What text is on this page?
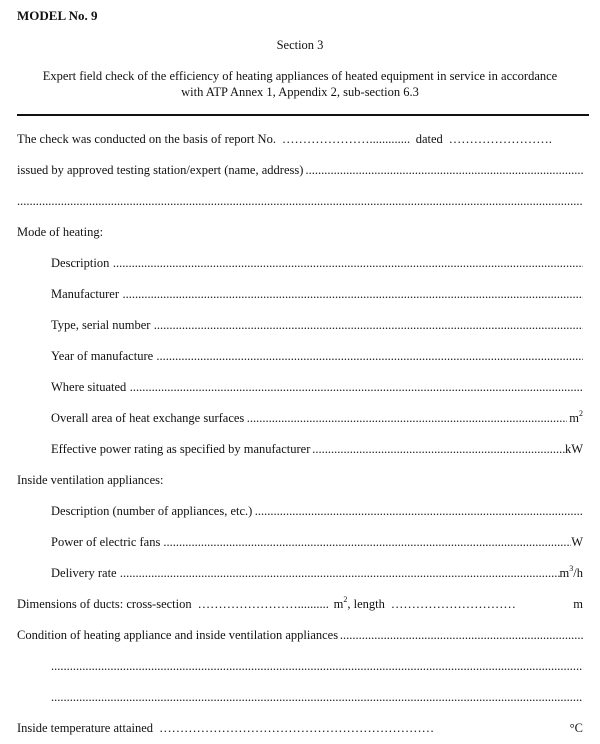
MODEL No. 9
Section 3
Expert field check of the efficiency of heating appliances of heated equipment in service in accordance
with ATP Annex 1, Appendix 2, sub-section 6.3
The check was conducted on the basis of report No. ………………….. .....	dated …………………….
issued by approved testing station/expert (name, address)
.....
.....
Mode of heating:
Description
.....
Manufacturer
.....
Type, serial number
.....
Year of manufacture
.....
Where situated
.....
Overall area of heat exchange surfaces .....	$m^2$
Effective power rating as specified by manufacturer .....	kW
Inside ventilation appliances:
Description (number of appliances, etc.)
.....
Power of electric fans .....	W
Delivery rate .....	$m^3/h$
Dimensions of ducts: cross-section …………………… .....	$m^2$ , length …………………………	m
Condition of heating appliance and inside ventilation appliances
.....
.....
.....
Inside temperature attained …………………………………………………………	°C
